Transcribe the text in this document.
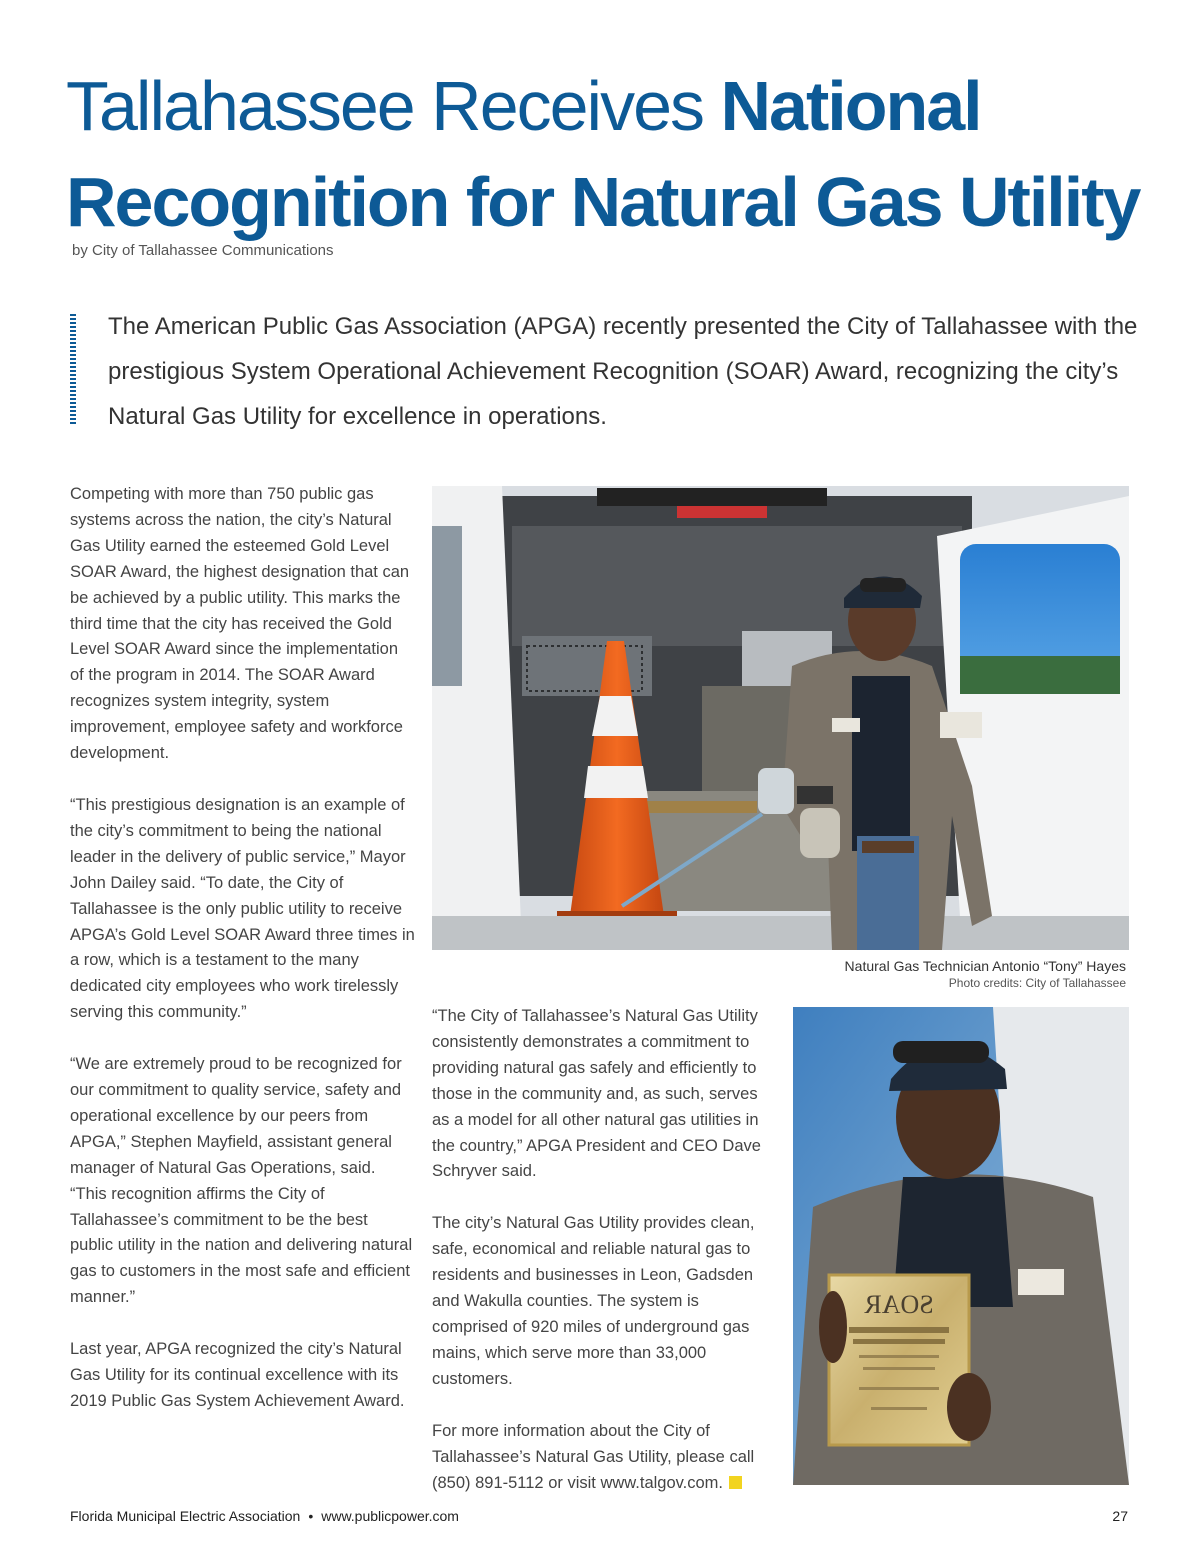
Tallahassee Receives National Recognition for Natural Gas Utility
by City of Tallahassee Communications

The American Public Gas Association (APGA) recently presented the City of Tallahassee with the prestigious System Operational Achievement Recognition (SOAR) Award, recognizing the city’s Natural Gas Utility for excellence in operations.

Competing with more than 750 public gas systems across the nation, the city’s Natural Gas Utility earned the esteemed Gold Level SOAR Award, the highest designation that can be achieved by a public utility. This marks the third time that the city has received the Gold Level SOAR Award since the implementation of the program in 2014. The SOAR Award recognizes system integrity, system improvement, employee safety and workforce development.

“This prestigious designation is an example of the city’s commitment to being the national leader in the delivery of public service,” Mayor John Dailey said. “To date, the City of Tallahassee is the only public utility to receive APGA’s Gold Level SOAR Award three times in a row, which is a testament to the many dedicated city employees who work tirelessly serving this community.”

“We are extremely proud to be recognized for our commitment to quality service, safety and operational excellence by our peers from APGA,” Stephen Mayfield, assistant general manager of Natural Gas Operations, said. “This recognition affirms the City of Tallahassee’s commitment to be the best public utility in the nation and delivering natural gas to customers in the most safe and efficient manner.”

Last year, APGA recognized the city’s Natural Gas Utility for its continual excellence with its 2019 Public Gas System Achievement Award.

Natural Gas Technician Antonio “Tony” Hayes
Photo credits: City of Tallahassee

“The City of Tallahassee’s Natural Gas Utility consistently demonstrates a commitment to providing natural gas safely and efficiently to those in the community and, as such, serves as a model for all other natural gas utilities in the country,” APGA President and CEO Dave Schryver said.

The city’s Natural Gas Utility provides clean, safe, economical and reliable natural gas to residents and businesses in Leon, Gadsden and Wakulla counties. The system is comprised of 920 miles of underground gas mains, which serve more than 33,000 customers.

For more information about the City of Tallahassee’s Natural Gas Utility, please call (850) 891-5112 or visit www.talgov.com.

SOAR
Florida Municipal Electric Association • www.publicpower.com	27
